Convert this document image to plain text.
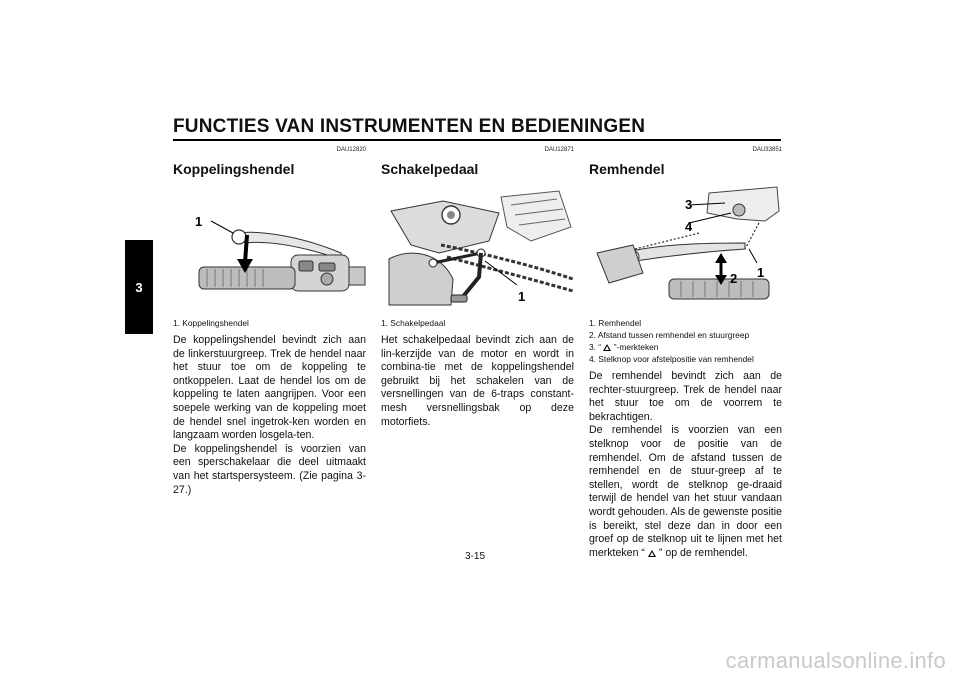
FUNCTIES VAN INSTRUMENTEN EN BEDIENINGEN
3
DAU12820
Koppelingshendel
1
1. Koppelingshendel

De koppelingshendel bevindt zich aan de linkerstuurgreep. Trek de hendel naar het stuur toe om de koppeling te ontkoppelen. Laat de hendel los om de koppeling te laten aangrijpen. Voor een soepele werking van de koppeling moet de hendel snel ingetrok-ken worden en langzaam worden losgela-ten.

De koppelingshendel is voorzien van een sperschakelaar die deel uitmaakt van het startspersysteem. (Zie pagina 3-27.)

DAU12871
Schakelpedaal
1
1. Schakelpedaal

Het schakelpedaal bevindt zich aan de lin-kerzijde van de motor en wordt in combina-tie met de koppelingshendel gebruikt bij het schakelen van de versnellingen van de 6-traps constant-mesh versnellingsbak op deze motorfiets.

DAU33851
Remhendel
3
4
1
2
1. Remhendel
2. Afstand tussen remhendel en stuurgreep
3. “ ”-merkteken
4. Stelknop voor afstelpositie van remhendel

De remhendel bevindt zich aan de rechter-stuurgreep. Trek de hendel naar het stuur toe om de voorrem te bekrachtigen.

De remhendel is voorzien van een stelknop voor de positie van de remhendel. Om de afstand tussen de remhendel en de stuur-greep af te stellen, wordt de stelknop ge-draaid terwijl de hendel van het stuur vandaan wordt gehouden. Als de gewenste positie is bereikt, stel deze dan in door een groef op de stelknop uit te lijnen met het merkteken “ ” op de remhendel.

3-15
carmanualsonline.info
